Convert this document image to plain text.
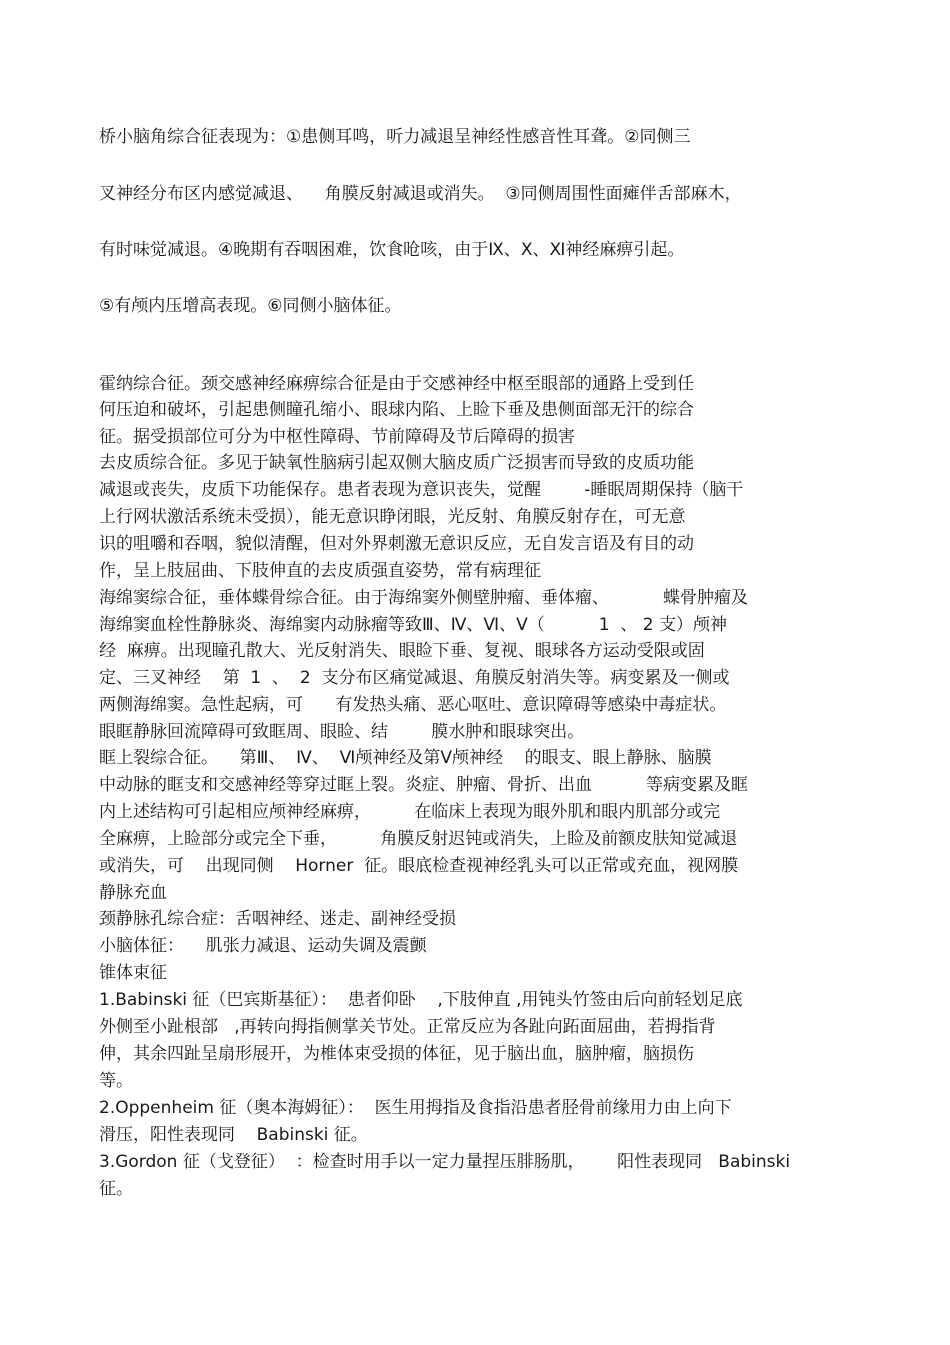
桥小脑角综合征表现为：①患侧耳鸣，听力减退呈神经性感音性耳聋。②同侧三
叉神经分布区内感觉减退、    角膜反射减退或消失。  ③同侧周围性面瘫伴舌部麻木，
有时味觉减退。④晚期有吞咽困难，饮食呛咳，由于Ⅸ、Ⅹ、Ⅺ神经麻痹引起。
⑤有颅内压增高表现。⑥同侧小脑体征。
霍纳综合征。颈交感神经麻痹综合征是由于交感神经中枢至眼部的通路上受到任
何压迫和破坏，引起患侧瞳孔缩小、眼球内陷、上睑下垂及患侧面部无汗的综合
征。据受损部位可分为中枢性障碍、节前障碍及节后障碍的损害
去皮质综合征。多见于缺氧性脑病引起双侧大脑皮质广泛损害而导致的皮质功能
减退或丧失，皮质下功能保存。患者表现为意识丧失，觉醒        -睡眠周期保持（脑干
上行网状激活系统未受损），能无意识睁闭眼，光反射、角膜反射存在，可无意
识的咀嚼和吞咽，貌似清醒，但对外界刺激无意识反应，无自发言语及有目的动
作，呈上肢屈曲、下肢伸直的去皮质强直姿势，常有病理征
海绵窦综合征，垂体蝶骨综合征。由于海绵窦外侧壁肿瘤、垂体瘤、          蝶骨肿瘤及
海绵窦血栓性静脉炎、海绵窦内动脉瘤等致Ⅲ、Ⅳ、Ⅵ、Ⅴ（          1  、 2 支）颅神
经  麻痹。出现瞳孔散大、光反射消失、眼睑下垂、复视、眼球各方运动受限或固
定、三叉神经    第  1  、  2  支分布区痛觉减退、角膜反射消失等。病变累及一侧或
两侧海绵窦。急性起病，可      有发热头痛、恶心呕吐、意识障碍等感染中毒症状。
眼眶静脉回流障碍可致眶周、眼睑、结        膜水肿和眼球突出。
眶上裂综合征。    第Ⅲ、  Ⅳ、  Ⅵ颅神经及第Ⅴ颅神经    的眼支、眼上静脉、脑膜
中动脉的眶支和交感神经等穿过眶上裂。炎症、肿瘤、骨折、出血          等病变累及眶
内上述结构可引起相应颅神经麻痹，        在临床上表现为眼外肌和眼内肌部分或完
全麻痹，上睑部分或完全下垂，        角膜反射迟钝或消失，上睑及前额皮肤知觉减退
或消失，可    出现同侧    Horner  征。眼底检查视神经乳头可以正常或充血，视网膜
静脉充血
颈静脉孔综合症：舌咽神经、迷走、副神经受损
小脑体征：    肌张力减退、运动失调及震颤
锥体束征
1.Babinski 征（巴宾斯基征）：  患者仰卧    ,下肢伸直 ,用钝头竹签由后向前轻划足底
外侧至小趾根部   ,再转向拇指侧掌关节处。正常反应为各趾向跖面屈曲，若拇指背
伸，其余四趾呈扇形展开，为椎体束受损的体征，见于脑出血，脑肿瘤，脑损伤
等。
2.Oppenheim 征（奥本海姆征）：  医生用拇指及食指沿患者胫骨前缘用力由上向下
滑压，阳性表现同    Babinski 征。
3.Gordon 征（戈登征）  ：检查时用手以一定力量捏压腓肠肌，      阳性表现同   Babinski
征。
